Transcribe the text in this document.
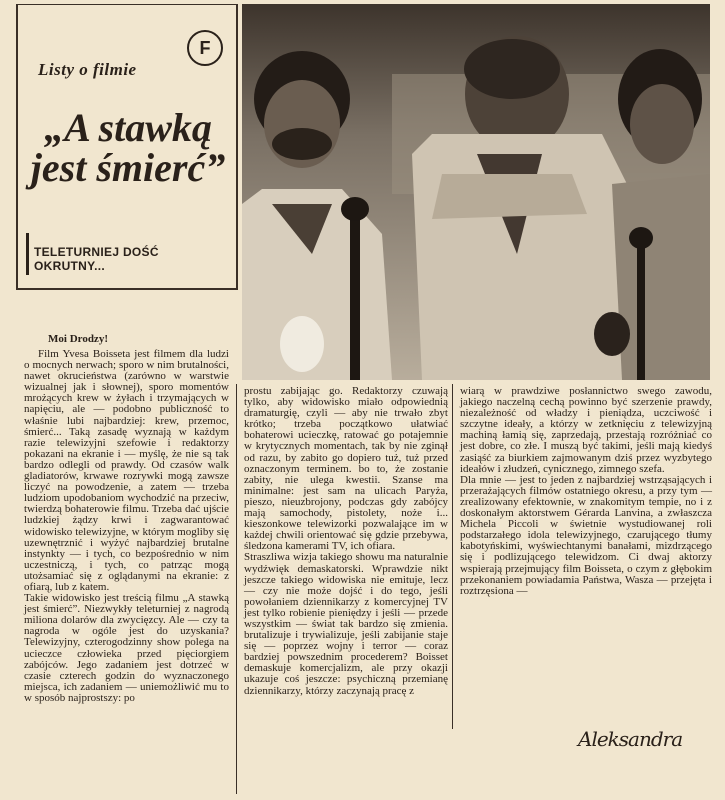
Listy o filmie
F
„A stawką jest śmierć”
TELETURNIEJ DOŚĆ OKRUTNY...
Moi Drodzy!
Film Yvesa Boisseta jest filmem dla ludzi o mocnych nerwach; sporo w nim brutalności, nawet okrucieństwa (zarówno w warstwie wizualnej jak i słownej), sporo momentów mrożących krew w żyłach i trzymających w napięciu, ale — podobno publiczność to właśnie lubi najbardziej: krew, przemoc, śmierć... Taką zasadę wyznają w każdym razie telewizyjni szefowie i redaktorzy pokazani na ekranie i — myślę, że nie są tak bardzo odlegli od prawdy. Od czasów walk gladiatorów, krwawe rozrywki mogą zawsze liczyć na powodzenie, a zatem — trzeba ludziom upodobaniom wychodzić na przeciw, twierdzą bohaterowie filmu. Trzeba dać ujście ludzkiej żądzy krwi i zagwarantować widowisko telewizyjne, w którym mogliby się uzewnętrznić i wyżyć najbardziej brutalne instynkty — i tych, co bezpośrednio w nim uczestniczą, i tych, co patrząc mogą utożsamiać się z oglądanymi na ekranie: z ofiarą, lub z katem.
Takie widowisko jest treścią filmu „A stawką jest śmierć”. Niezwykły teleturniej z nagrodą miliona dolarów dla zwycięzcy. Ale — czy ta nagroda w ogóle jest do uzyskania? Telewizyjny, czterogodzinny show polega na ucieczce człowieka przed pięciorgiem zabójców. Jego zadaniem jest dotrzeć w czasie czterech godzin do wyznaczonego miejsca, ich zadaniem — uniemożliwić mu to w sposób najprostszy: po
prostu zabijając go. Redaktorzy czuwają tylko, aby widowisko miało odpowiednią dramaturgię, czyli — aby nie trwało zbyt krótko; trzeba początkowo ułatwiać bohaterowi ucieczkę, ratować go potajemnie w krytycznych momentach, tak by nie zginął od razu, by zabito go dopiero tuż, tuż przed oznaczonym terminem. bo to, że zostanie zabity, nie ulega kwestii. Szanse ma minimalne: jest sam na ulicach Paryża, pieszo, nieuzbrojony, podczas gdy zabójcy mają samochody, pistolety, noże i... kieszonkowe telewizorki pozwalające im w każdej chwili orientować się gdzie przebywa, śledzona kamerami TV, ich ofiara.
Straszliwa wizja takiego showu ma naturalnie wydźwięk demaskatorski. Wprawdzie nikt jeszcze takiego widowiska nie emituje, lecz — czy nie może dojść i do tego, jeśli powołaniem dziennikarzy z komercyjnej TV jest tylko robienie pieniędzy i jeśli — przede wszystkim — świat tak bardzo się zmienia. brutalizuje i trywializuje, jeśli zabijanie staje się — poprzez wojny i terror — coraz bardziej powszednim procederem? Boisset demaskuje komercjalizm, ale przy okazji ukazuje coś jeszcze: psychiczną przemianę dziennikarzy, którzy zaczynają pracę z
wiarą w prawdziwe posłannictwo swego zawodu, jakiego naczelną cechą powinno być szerzenie prawdy, niezależność od władzy i pieniądza, uczciwość i szczytne ideały, a którzy w zetknięciu z telewizyjną machiną łamią się, zaprzedają, przestają rozróżniać co jest dobre, co złe. I muszą być takimi, jeśli mają kiedyś zasiąść za biurkiem zajmowanym dziś przez wyzbytego ideałów i złudzeń, cynicznego, zimnego szefa.
Dla mnie — jest to jeden z najbardziej wstrząsających i przerażających filmów ostatniego okresu, a przy tym — zrealizowany efektownie, w znakomitym tempie, no i z doskonałym aktorstwem Gérarda Lanvina, a zwłaszcza Michela Piccoli w świetnie wystudiowanej roli podstarzałego idola telewizyjnego, czarującego tłumy kabotyńskimi, wyświechtanymi banałami, mizdrzącego się i podlizującego telewidzom. Ci dwaj aktorzy wspierają przejmujący film Boisseta, o czym z głębokim przekonaniem powiadamia Państwa, Wasza — przejęta i roztrzęsiona —
Aleksandra
